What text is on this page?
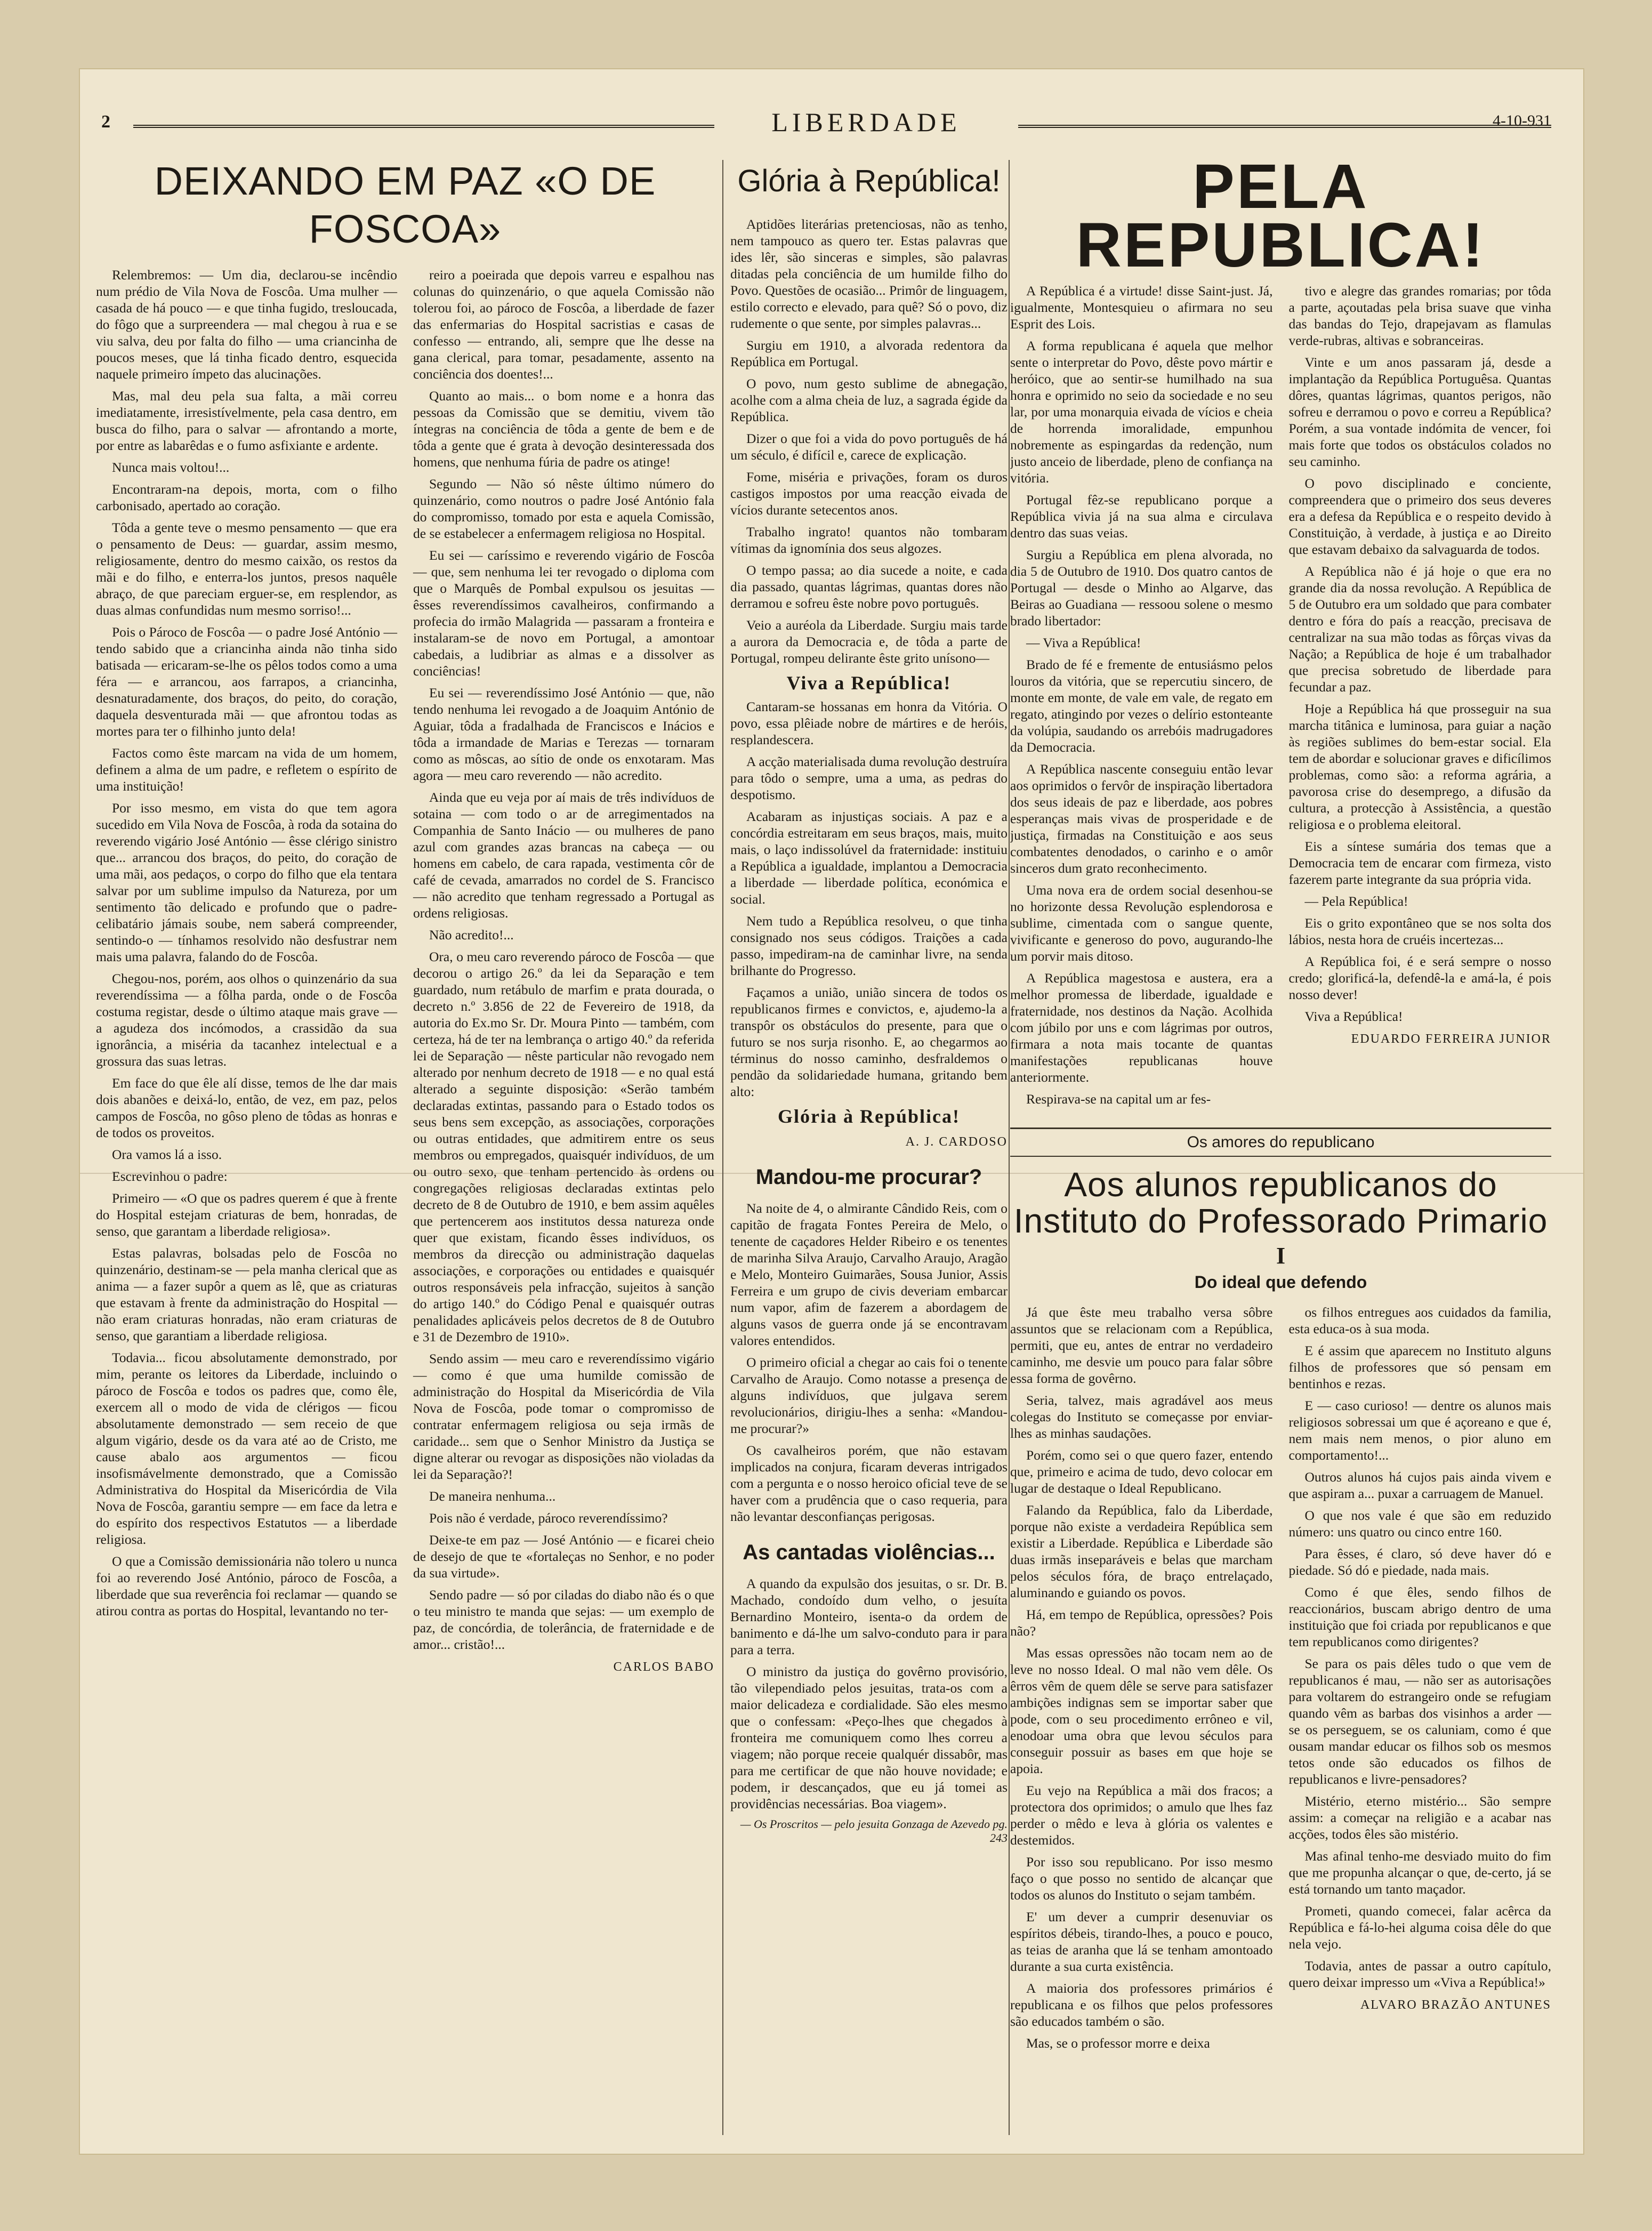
2	LIBERDADE	4-10-931
DEIXANDO EM PAZ «O DE FOSCOA»

Relembremos: — Um dia, declarou-se incêndio num prédio de Vila Nova de Foscôa. Uma mulher — casada de há pouco — e que tinha fugido, tresloucada, do fôgo que a surpreendera — mal chegou à rua e se viu salva, deu por falta do filho — uma criancinha de poucos meses, que lá tinha ficado dentro, esquecida naquele primeiro ímpeto das alucinações.

Mas, mal deu pela sua falta, a mãi correu imediatamente, irresistívelmente, pela casa dentro, em busca do filho, para o salvar — afrontando a morte, por entre as labarêdas e o fumo asfixiante e ardente.

Nunca mais voltou!...

Encontraram-na depois, morta, com o filho carbonisado, apertado ao coração.

Tôda a gente teve o mesmo pensamento — que era o pensamento de Deus: — guardar, assim mesmo, religiosamente, dentro do mesmo caixão, os restos da mãi e do filho, e enterra-los juntos, presos naquêle abraço, de que pareciam erguer-se, em resplendor, as duas almas confundidas num mesmo sorriso!...

Pois o Pároco de Foscôa — o padre José António — tendo sabido que a criancinha ainda não tinha sido batisada — ericaram-se-lhe os pêlos todos como a uma féra — e arrancou, aos farrapos, a criancinha, desnaturadamente, dos braços, do peito, do coração, daquela desventurada mãi — que afrontou todas as mortes para ter o filhinho junto dela!

Factos como êste marcam na vida de um homem, definem a alma de um padre, e refletem o espírito de uma instituição!

Por isso mesmo, em vista do que tem agora sucedido em Vila Nova de Foscôa, à roda da sotaina do reverendo vigário José António — êsse clérigo sinistro que... arrancou dos braços, do peito, do coração de uma mãi, aos pedaços, o corpo do filho que ela tentara salvar por um sublime impulso da Natureza, por um sentimento tão delicado e profundo que o padre-celibatário jámais soube, nem saberá compreender, sentindo-o — tínhamos resolvido não desfustrar nem mais uma palavra, falando do de Foscôa.

Chegou-nos, porém, aos olhos o quinzenário da sua reverendíssima — a fôlha parda, onde o de Foscôa costuma registar, desde o último ataque mais grave — a agudeza dos incómodos, a crassidão da sua ignorância, a miséria da tacanhez intelectual e a grossura das suas letras.

Em face do que êle alí disse, temos de lhe dar mais dois abanões e deixá-lo, então, de vez, em paz, pelos campos de Foscôa, no gôso pleno de tôdas as honras e de todos os proveitos.

Ora vamos lá a isso.

Escrevinhou o padre:

Primeiro — «O que os padres querem é que à frente do Hospital estejam criaturas de bem, honradas, de senso, que garantam a liberdade religiosa».

Estas palavras, bolsadas pelo de Foscôa no quinzenário, destinam-se — pela manha clerical que as anima — a fazer supôr a quem as lê, que as criaturas que estavam à frente da administração do Hospital — não eram criaturas honradas, não eram criaturas de senso, que garantiam a liberdade religiosa.

Todavia... ficou absolutamente demonstrado, por mim, perante os leitores da Liberdade, incluindo o pároco de Foscôa e todos os padres que, como êle, exercem all o modo de vida de clérigos — ficou absolutamente demonstrado — sem receio de que algum vigário, desde os da vara até ao de Cristo, me cause abalo aos argumentos — ficou insofismávelmente demonstrado, que a Comissão Administrativa do Hospital da Misericórdia de Vila Nova de Foscôa, garantiu sempre — em face da letra e do espírito dos respectivos Estatutos — a liberdade religiosa.

O que a Comissão demissionária não tolero u nunca foi ao reverendo José António, pároco de Foscôa, a liberdade que sua reverência foi reclamar — quando se atirou contra as portas do Hospital, levantando no ter-

reiro a poeirada que depois varreu e espalhou nas colunas do quinzenário, o que aquela Comissão não tolerou foi, ao pároco de Foscôa, a liberdade de fazer das enfermarias do Hospital sacristias e casas de confesso — entrando, ali, sempre que lhe desse na gana clerical, para tomar, pesadamente, assento na conciência dos doentes!...

Quanto ao mais... o bom nome e a honra das pessoas da Comissão que se demitiu, vivem tão íntegras na conciência de tôda a gente de bem e de tôda a gente que é grata à devoção desinteressada dos homens, que nenhuma fúria de padre os atinge!

Segundo — Não só nêste último número do quinzenário, como noutros o padre José António fala do compromisso, tomado por esta e aquela Comissão, de se estabelecer a enfermagem religiosa no Hospital.

Eu sei — caríssimo e reverendo vigário de Foscôa — que, sem nenhuma lei ter revogado o diploma com que o Marquês de Pombal expulsou os jesuitas — êsses reverendíssimos cavalheiros, confirmando a profecia do irmão Malagrida — passaram a fronteira e instalaram-se de novo em Portugal, a amontoar cabedais, a ludibriar as almas e a dissolver as conciências!

Eu sei — reverendíssimo José António — que, não tendo nenhuma lei revogado a de Joaquim António de Aguiar, tôda a fradalhada de Franciscos e Inácios e tôda a irmandade de Marias e Terezas — tornaram como as môscas, ao sítio de onde os enxotaram. Mas agora — meu caro reverendo — não acredito.

Ainda que eu veja por aí mais de três indivíduos de sotaina — com todo o ar de arregimentados na Companhia de Santo Inácio — ou mulheres de pano azul com grandes azas brancas na cabeça — ou homens em cabelo, de cara rapada, vestimenta côr de café de cevada, amarrados no cordel de S. Francisco — não acredito que tenham regressado a Portugal as ordens religiosas.

Não acredito!...

Ora, o meu caro reverendo pároco de Foscôa — que decorou o artigo 26.º da lei da Separação e tem guardado, num retábulo de marfim e prata dourada, o decreto n.º 3.856 de 22 de Fevereiro de 1918, da autoria do Ex.mo Sr. Dr. Moura Pinto — também, com certeza, há de ter na lembrança o artigo 40.º da referida lei de Separação — nêste particular não revogado nem alterado por nenhum decreto de 1918 — e no qual está alterado a seguinte disposição: «Serão também declaradas extintas, passando para o Estado todos os seus bens sem excepção, as associações, corporações ou outras entidades, que admitirem entre os seus membros ou empregados, quaisquér indivíduos, de um ou outro sexo, que tenham pertencido às ordens ou congregações religiosas declaradas extintas pelo decreto de 8 de Outubro de 1910, e bem assim aquêles que pertencerem aos institutos dessa natureza onde quer que existam, ficando êsses indivíduos, os membros da direcção ou administração daquelas associações, e corporações ou entidades e quaisquér outros responsáveis pela infracção, sujeitos à sanção do artigo 140.º do Código Penal e quaisquér outras penalidades aplicáveis pelos decretos de 8 de Outubro e 31 de Dezembro de 1910».

Sendo assim — meu caro e reverendíssimo vigário — como é que uma humilde comissão de administração do Hospital da Misericórdia de Vila Nova de Foscôa, pode tomar o compromisso de contratar enfermagem religiosa ou seja irmãs de caridade... sem que o Senhor Ministro da Justiça se digne alterar ou revogar as disposições não violadas da lei da Separação?!

De maneira nenhuma...

Pois não é verdade, pároco reverendíssimo?

Deixe-te em paz — José António — e ficarei cheio de desejo de que te «fortaleças no Senhor, e no poder da sua virtude».

Sendo padre — só por ciladas do diabo não és o que o teu ministro te manda que sejas: — um exemplo de paz, de concórdia, de tolerância, de fraternidade e de amor... cristão!...

CARLOS BABO
Glória à República!

Aptidões literárias pretenciosas, não as tenho, nem tampouco as quero ter. Estas palavras que ides lêr, são sinceras e simples, são palavras ditadas pela conciência de um humilde filho do Povo. Questões de ocasião... Primôr de linguagem, estilo correcto e elevado, para quê? Só o povo, diz rudemente o que sente, por simples palavras...

Surgiu em 1910, a alvorada redentora da República em Portugal.

O povo, num gesto sublime de abnegação, acolhe com a alma cheia de luz, a sagrada égide da República.

Dizer o que foi a vida do povo português de há um século, é difícil e, carece de explicação.

Fome, miséria e privações, foram os duros castigos impostos por uma reacção eivada de vícios durante setecentos anos.

Trabalho ingrato! quantos não tombaram vítimas da ignomínia dos seus algozes.

O tempo passa; ao dia sucede a noite, e cada dia passado, quantas lágrimas, quantas dores não derramou e sofreu êste nobre povo português.

Veio a auréola da Liberdade. Surgiu mais tarde a aurora da Democracia e, de tôda a parte de Portugal, rompeu delirante êste grito unísono—

Viva a República!

Cantaram-se hossanas em honra da Vitória. O povo, essa plêiade nobre de mártires e de heróis, resplandescera.

A acção materialisada duma revolução destruíra para tôdo o sempre, uma a uma, as pedras do despotismo.

Acabaram as injustiças sociais. A paz e a concórdia estreitaram em seus braços, mais, muito mais, o laço indissolúvel da fraternidade: instituiu a República a igualdade, implantou a Democracia a liberdade — liberdade política, económica e social.

Nem tudo a República resolveu, o que tinha consignado nos seus códigos. Traições a cada passo, impediram-na de caminhar livre, na senda brilhante do Progresso.

Façamos a união, união sincera de todos os republicanos firmes e convictos, e, ajudemo-la a transpôr os obstáculos do presente, para que o futuro se nos surja risonho. E, ao chegarmos ao términus do nosso caminho, desfraldemos o pendão da solidariedade humana, gritando bem alto:

Glória à República!
A. J. CARDOSO
Mandou-me procurar?

Na noite de 4, o almirante Cândido Reis, com o capitão de fragata Fontes Pereira de Melo, o tenente de caçadores Helder Ribeiro e os tenentes de marinha Silva Araujo, Carvalho Araujo, Aragão e Melo, Monteiro Guimarães, Sousa Junior, Assis Ferreira e um grupo de civis deveriam embarcar num vapor, afim de fazerem a abordagem de alguns vasos de guerra onde já se encontravam valores entendidos.

O primeiro oficial a chegar ao cais foi o tenente Carvalho de Araujo. Como notasse a presença de alguns indivíduos, que julgava serem revolucionários, dirigiu-lhes a senha: «Mandou-me procurar?»

Os cavalheiros porém, que não estavam implicados na conjura, ficaram deveras intrigados com a pergunta e o nosso heroico oficial teve de se haver com a prudência que o caso requeria, para não levantar desconfianças perigosas.

As cantadas violências...

A quando da expulsão dos jesuitas, o sr. Dr. B. Machado, condoído dum velho, o jesuíta Bernardino Monteiro, isenta-o da ordem de banimento e dá-lhe um salvo-conduto para ir para para a terra.

O ministro da justiça do govêrno provisório, tão vilependiado pelos jesuitas, trata-os com a maior delicadeza e cordialidade. São eles mesmo que o confessam: «Peço-lhes que chegados à fronteira me comuniquem como lhes correu a viagem; não porque receie qualquér dissabôr, mas para me certificar de que não houve novidade; e podem, ir descançados, que eu já tomei as providências necessárias. Boa viagem».

— Os Proscritos — pelo jesuita Gonzaga de Azevedo pg. 243
PELA REPUBLICA!

A República é a virtude! disse Saint-just. Já, igualmente, Montesquieu o afirmara no seu Esprit des Lois.

A forma republicana é aquela que melhor sente o interpretar do Povo, dêste povo mártir e heróico, que ao sentir-se humilhado na sua honra e oprimido no seio da sociedade e no seu lar, por uma monarquia eivada de vícios e cheia de horrenda imoralidade, empunhou nobremente as espingardas da redenção, num justo anceio de liberdade, pleno de confiança na vitória.

Portugal fêz-se republicano porque a República vivia já na sua alma e circulava dentro das suas veias.

Surgiu a República em plena alvorada, no dia 5 de Outubro de 1910. Dos quatro cantos de Portugal — desde o Minho ao Algarve, das Beiras ao Guadiana — ressoou solene o mesmo brado libertador:

— Viva a República!

Brado de fé e fremente de entusiásmo pelos louros da vitória, que se repercutiu sincero, de monte em monte, de vale em vale, de regato em regato, atingindo por vezes o delírio estonteante da volúpia, saudando os arrebóis madrugadores da Democracia.

A República nascente conseguiu então levar aos oprimidos o fervôr de inspiração libertadora dos seus ideais de paz e liberdade, aos pobres esperanças mais vivas de prosperidade e de justiça, firmadas na Constituição e aos seus combatentes denodados, o carinho e o amôr sinceros dum grato reconhecimento.

Uma nova era de ordem social desenhou-se no horizonte dessa Revolução esplendorosa e sublime, cimentada com o sangue quente, vivificante e generoso do povo, augurando-lhe um porvir mais ditoso.

A República magestosa e austera, era a melhor promessa de liberdade, igualdade e fraternidade, nos destinos da Nação. Acolhida com júbilo por uns e com lágrimas por outros, firmara a nota mais tocante de quantas manifestações republicanas houve anteriormente.

Respirava-se na capital um ar fes-

tivo e alegre das grandes romarias; por tôda a parte, açoutadas pela brisa suave que vinha das bandas do Tejo, drapejavam as flamulas verde-rubras, altivas e sobranceiras.

Vinte e um anos passaram já, desde a implantação da República Portuguêsa. Quantas dôres, quantas lágrimas, quantos perigos, não sofreu e derramou o povo e correu a República? Porém, a sua vontade indómita de vencer, foi mais forte que todos os obstáculos colados no seu caminho.

O povo disciplinado e conciente, compreendera que o primeiro dos seus deveres era a defesa da República e o respeito devido à Constituição, à verdade, à justiça e ao Direito que estavam debaixo da salvaguarda de todos.

A República não é já hoje o que era no grande dia da nossa revolução. A República de 5 de Outubro era um soldado que para combater dentro e fóra do país a reacção, precisava de centralizar na sua mão todas as fôrças vivas da Nação; a República de hoje é um trabalhador que precisa sobretudo de liberdade para fecundar a paz.

Hoje a República há que prosseguir na sua marcha titânica e luminosa, para guiar a nação às regiões sublimes do bem-estar social. Ela tem de abordar e solucionar graves e dificílimos problemas, como são: a reforma agrária, a pavorosa crise do desemprego, a difusão da cultura, a protecção à Assistência, a questão religiosa e o problema eleitoral.

Eis a síntese sumária dos temas que a Democracia tem de encarar com firmeza, visto fazerem parte integrante da sua própria vida.

— Pela República!

Eis o grito expontâneo que se nos solta dos lábios, nesta hora de cruéis incertezas...

A República foi, é e será sempre o nosso credo; glorificá-la, defendê-la e amá-la, é pois nosso dever!

Viva a República!

EDUARDO FERREIRA JUNIOR
Os amores do republicano
Aos alunos republicanos do Instituto do Professorado Primario
I
Do ideal que defendo

Já que êste meu trabalho versa sôbre assuntos que se relacionam com a República, permiti, que eu, antes de entrar no verdadeiro caminho, me desvie um pouco para falar sôbre essa forma de govêrno.

Seria, talvez, mais agradável aos meus colegas do Instituto se começasse por enviar-lhes as minhas saudações.

Porém, como sei o que quero fazer, entendo que, primeiro e acima de tudo, devo colocar em lugar de destaque o Ideal Republicano.

Falando da República, falo da Liberdade, porque não existe a verdadeira República sem existir a Liberdade. República e Liberdade são duas irmãs inseparáveis e belas que marcham pelos séculos fóra, de braço entrelaçado, aluminando e guiando os povos.

Há, em tempo de República, opressões? Pois não?

Mas essas opressões não tocam nem ao de leve no nosso Ideal. O mal não vem dêle. Os êrros vêm de quem dêle se serve para satisfazer ambições indignas sem se importar saber que pode, com o seu procedimento errôneo e vil, enodoar uma obra que levou séculos para conseguir possuir as bases em que hoje se apoia.

Eu vejo na República a mãi dos fracos; a protectora dos oprimidos; o amulo que lhes faz perder o mêdo e leva à glória os valentes e destemidos.

Por isso sou republicano. Por isso mesmo faço o que posso no sentido de alcançar que todos os alunos do Instituto o sejam também.

E' um dever a cumprir desenuviar os espíritos débeis, tirando-lhes, a pouco e pouco, as teias de aranha que lá se tenham amontoado durante a sua curta existência.

A maioria dos professores primários é republicana e os filhos que pelos professores são educados também o são.

Mas, se o professor morre e deixa

os filhos entregues aos cuidados da familia, esta educa-os à sua moda.

E é assim que aparecem no Instituto alguns filhos de professores que só pensam em bentinhos e rezas.

E — caso curioso! — dentre os alunos mais religiosos sobressai um que é açoreano e que é, nem mais nem menos, o pior aluno em comportamento!...

Outros alunos há cujos pais ainda vivem e que aspiram a... puxar a carruagem de Manuel.

O que nos vale é que são em reduzido número: uns quatro ou cinco entre 160.

Para êsses, é claro, só deve haver dó e piedade. Só dó e piedade, nada mais.

Como é que êles, sendo filhos de reaccionários, buscam abrigo dentro de uma instituição que foi criada por republicanos e que tem republicanos como dirigentes?

Se para os pais dêles tudo o que vem de republicanos é mau, — não ser as autorisações para voltarem do estrangeiro onde se refugiam quando vêm as barbas dos visinhos a arder — se os perseguem, se os caluniam, como é que ousam mandar educar os filhos sob os mesmos tetos onde são educados os filhos de republicanos e livre-pensadores?

Mistério, eterno mistério... São sempre assim: a começar na religião e a acabar nas acções, todos êles são mistério.

Mas afinal tenho-me desviado muito do fim que me propunha alcançar o que, de-certo, já se está tornando um tanto maçador.

Prometi, quando comecei, falar acêrca da República e fá-lo-hei alguma coisa dêle do que nela vejo.

Todavia, antes de passar a outro capítulo, quero deixar impresso um «Viva a República!»

ALVARO BRAZÃO ANTUNES
